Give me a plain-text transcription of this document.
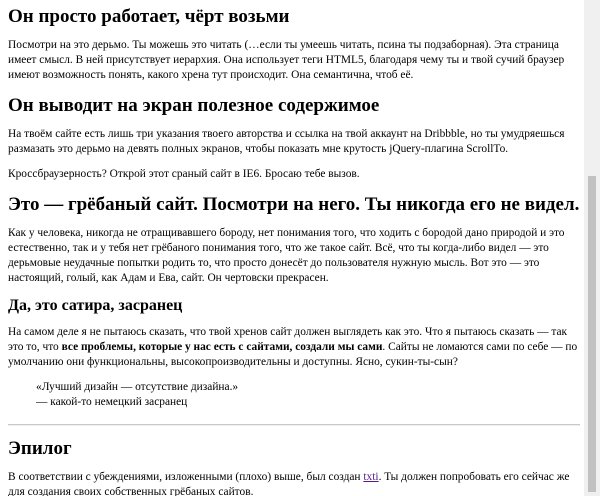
Он просто работает, чёрт возьми

Посмотри на это дерьмо. Ты можешь это читать (…если ты умеешь читать, псина ты подзаборная). Эта страница имеет смысл. В ней присутствует иерархия. Она использует теги HTML5, благодаря чему ты и твой сучий браузер имеют возможность понять, какого хрена тут происходит. Она семантична, чтоб её.

Он выводит на экран полезное содержимое

На твоём сайте есть лишь три указания твоего авторства и ссылка на твой аккаунт на Dribbble, но ты умудряешься размазать это дерьмо на девять полных экранов, чтобы показать мне крутость jQuery-плагина ScrollTo.

Кроссбраузерность? Открой этот сраный сайт в IE6. Бросаю тебе вызов.

Это — грёбаный сайт. Посмотри на него. Ты никогда его не видел.

Как у человека, никогда не отращивавшего бороду, нет понимания того, что ходить с бородой дано природой и это естественно, так и у тебя нет грёбаного понимания того, что же такое сайт. Всё, что ты когда-либо видел — это дерьмовые неудачные попытки родить то, что просто донесёт до пользователя нужную мысль. Вот это — это настоящий, голый, как Адам и Ева, сайт. Он чертовски прекрасен.

Да, это сатира, засранец

На самом деле я не пытаюсь сказать, что твой хренов сайт должен выглядеть как это. Что я пытаюсь сказать — так это то, что все проблемы, которые у нас есть с сайтами, создали мы сами. Сайты не ломаются сами по себе — по умолчанию они функциональны, высокопроизводительны и доступны. Ясно, сукин-ты-сын?

«Лучший дизайн — отсутствие дизайна.»
— какой-то немецкий засранец
Эпилог

В соответствии с убеждениями, изложенными (плохо) выше, был создан txti. Ты должен попробовать его сейчас же для создания своих собственных грёбаных сайтов.
